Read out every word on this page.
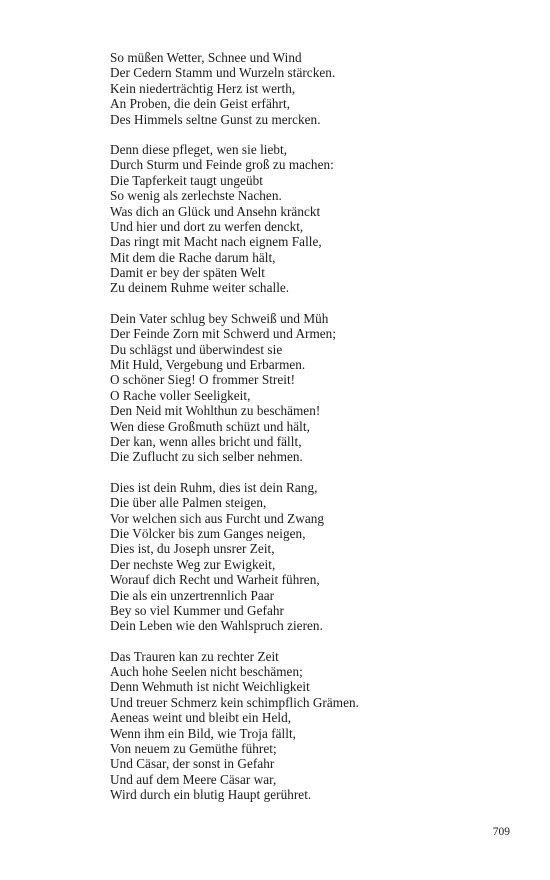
So müßen Wetter, Schnee und Wind
Der Cedern Stamm und Wurzeln stärcken.
Kein niederträchtig Herz ist werth,
An Proben, die dein Geist erfährt,
Des Himmels seltne Gunst zu mercken.
Denn diese pfleget, wen sie liebt,
Durch Sturm und Feinde groß zu machen:
Die Tapferkeit taugt ungeübt
So wenig als zerlechste Nachen.
Was dich an Glück und Ansehn kränckt
Und hier und dort zu werfen denckt,
Das ringt mit Macht nach eignem Falle,
Mit dem die Rache darum hält,
Damit er bey der späten Welt
Zu deinem Ruhme weiter schalle.
Dein Vater schlug bey Schweiß und Müh
Der Feinde Zorn mit Schwerd und Armen;
Du schlägst und überwindest sie
Mit Huld, Vergebung und Erbarmen.
O schöner Sieg! O frommer Streit!
O Rache voller Seeligkeit,
Den Neid mit Wohlthun zu beschämen!
Wen diese Großmuth schüzt und hält,
Der kan, wenn alles bricht und fällt,
Die Zuflucht zu sich selber nehmen.
Dies ist dein Ruhm, dies ist dein Rang,
Die über alle Palmen steigen,
Vor welchen sich aus Furcht und Zwang
Die Völcker bis zum Ganges neigen,
Dies ist, du Joseph unsrer Zeit,
Der nechste Weg zur Ewigkeit,
Worauf dich Recht und Warheit führen,
Die als ein unzertrennlich Paar
Bey so viel Kummer und Gefahr
Dein Leben wie den Wahlspruch zieren.
Das Trauren kan zu rechter Zeit
Auch hohe Seelen nicht beschämen;
Denn Wehmuth ist nicht Weichligkeit
Und treuer Schmerz kein schimpflich Grämen.
Aeneas weint und bleibt ein Held,
Wenn ihm ein Bild, wie Troja fällt,
Von neuem zu Gemüthe führet;
Und Cäsar, der sonst in Gefahr
Und auf dem Meere Cäsar war,
Wird durch ein blutig Haupt gerühret.
709
